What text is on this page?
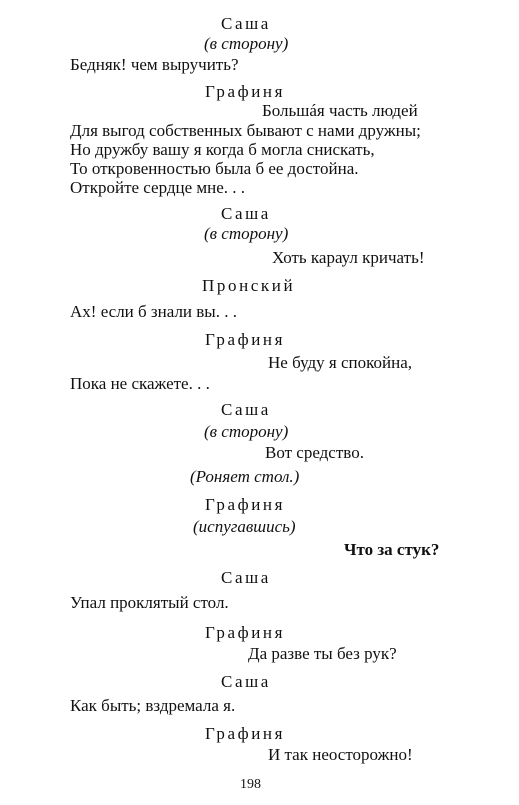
Саша
(в сторону)
Бедняк! чем выручить?
Графиня
Большáя часть людей
Для выгод собственных бывают с нами дружны;
Но дружбу вашу я когда б могла снискать,
То откровенностью была б ее достойна.
Откройте сердце мне. . .
Саша
(в сторону)
Хоть караул кричать!
Пронский
Ах! если б знали вы. . .
Графиня
Не буду я спокойна,
Пока не скажете. . .
Саша
(в сторону)
Вот средство.
(Роняет стол.)
Графиня
(испугавшись)
Что за стук?
Саша
Упал проклятый стол.
Графиня
Да разве ты без рук?
Саша
Как быть; вздремала я.
Графиня
И так неосторожно!
198
